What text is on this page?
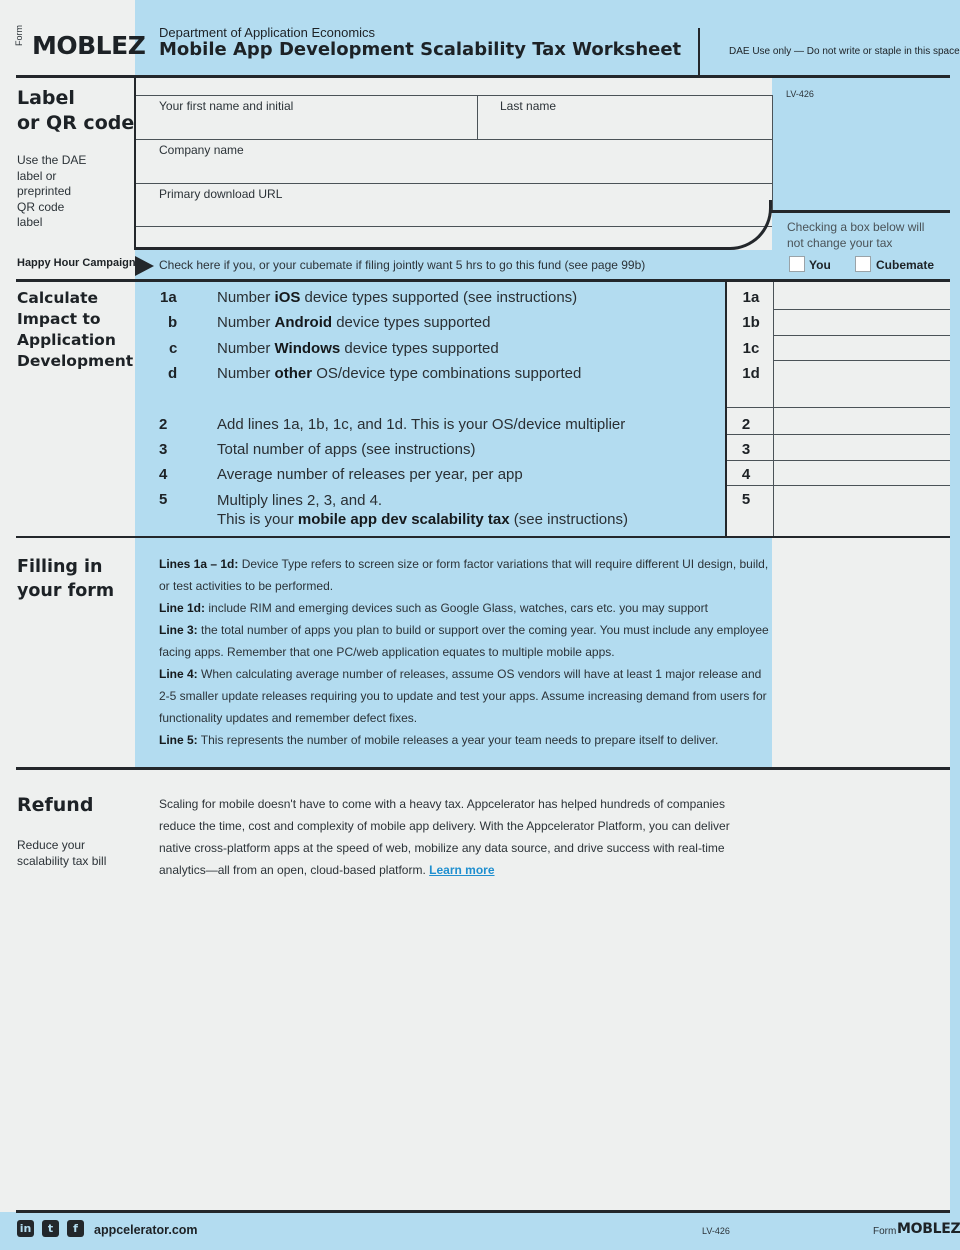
Form MOBLEZ Department of Application Economics
Mobile App Development Scalability Tax Worksheet	DAE Use only — Do not write or staple in this space
LV-426
Label
or QR code
Use the DAE
label or
preprinted
QR code
label
Your first name and initial	Last name
Company name
Primary download URL
Happy Hour Campaign Check here if you, or your cubemate if filing jointly want 5 hrs to go this fund (see page 99b)
Checking a box below will
not change your tax
You	Cubemate
Calculate
Impact to
Application
Development
1a	Number iOS device types supported (see instructions)	1a
b	Number Android device types supported	1b
c	Number Windows device types supported	1c
d	Number other OS/device type combinations supported	1d
2	Add lines 1a, 1b, 1c, and 1d. This is your OS/device multiplier	2
3	Total number of apps (see instructions)	3
4	Average number of releases per year, per app	4
5	Multiply lines 2, 3, and 4.
This is your mobile app dev scalability tax (see instructions)
5
Filling in
your form
Lines 1a – 1d: Device Type refers to screen size or form factor variations that will require different UI design, build, or test activities to be performed.
Line 1d: include RIM and emerging devices such as Google Glass, watches, cars etc. you may support
Line 3: the total number of apps you plan to build or support over the coming year. You must include any employee facing apps. Remember that one PC/web application equates to multiple mobile apps.
Line 4: When calculating average number of releases, assume OS vendors will have at least 1 major release and 2-5 smaller update releases requiring you to update and test your apps. Assume increasing demand from users for functionality updates and remember defect fixes.
Line 5: This represents the number of mobile releases a year your team needs to prepare itself to deliver.
Refund
Reduce your
scalability tax bill
Scaling for mobile doesn't have to come with a heavy tax. Appcelerator has helped hundreds of companies reduce the time, cost and complexity of mobile app delivery. With the Appcelerator Platform, you can deliver native cross-platform apps at the speed of web, mobilize any data source, and drive success with real-time analytics—all from an open, cloud-based platform. Learn more
in	t	f	appcelerator.com	LV-426	Form MOBLEZ
